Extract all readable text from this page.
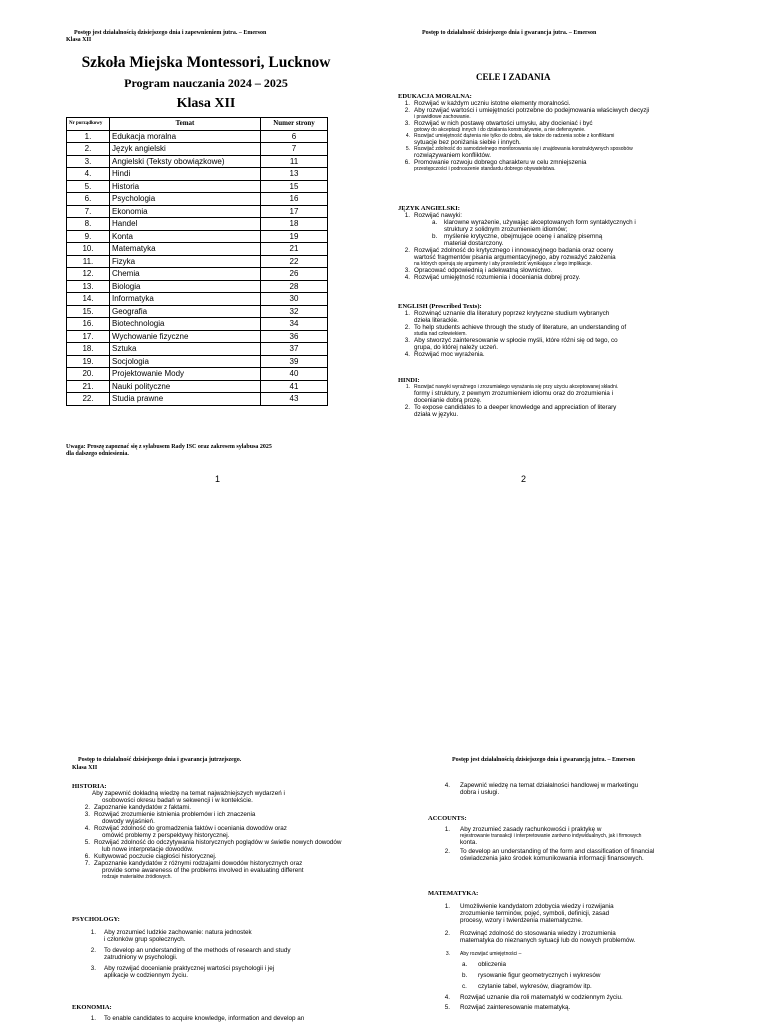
Postęp jest działalnością dzisiejszego dnia i zapewnieniem jutra. – Emerson
Klasa XII
Szkoła Miejska Montessori, Lucknow
Program nauczania 2024 – 2025
Klasa XII
Nr porządkowy	Temat	Numer strony
1.	Edukacja moralna	6
2.	Język angielski	7
3.	Angielski (Teksty obowiązkowe)	11
4.	Hindi	13
5.	Historia	15
6.	Psychologia	16
7.	Ekonomia	17
8.	Handel	18
9.	Konta	19
10.	Matematyka	21
11.	Fizyka	22
12.	Chemia	26
13.	Biologia	28
14.	Informatyka	30
15.	Geografia	32
16.	Biotechnologia	34
17.	Wychowanie fizyczne	36
18.	Sztuka	37
19.	Socjologia	39
20.	Projektowanie Mody	40
21.	Nauki polityczne	41
22.	Studia prawne	43
Uwaga: Proszę zapoznać się z sylabusem Rady ISC oraz zakresem sylabusa 2025
dla dalszego odniesienia.
1
Postęp to działalność dzisiejszego dnia i gwarancja jutra. – Emerson
CELE I ZADANIA
EDUKACJA MORALNA:
1. Rozwijać w każdym uczniu istotne elementy moralności.
2. Aby rozwijać wartości i umiejętności potrzebne do podejmowania właściwych decyzji
i prawidłowe zachowanie.
3. Rozwijać w nich postawę otwartości umysłu, aby docieniać i być
gotowy do akceptacji innych i do działania konstruktywnie, a nie defensywnie.
4. Rozwijać umiejętność dążenia nie tylko do dobra, ale także do radzenia sobie z konfliktami
sytuacje bez poniżania siebie i innych.
5. Rozwijać zdolność do samodzielnego monitorowania się i znajdowania konstruktywnych sposobów
rozwiązywaniem konfliktów.
6. Promowanie rozwoju dobrego charakteru w celu zmniejszenia
przestępczości i podnoszenie standardu dobrego obywatelstwa.
JĘZYK ANGIELSKI:
1. Rozwijać nawyki:
a. klarowne wyrażenie, używając akceptowanych form syntaktycznych i
struktury z solidnym zrozumieniem idiomów;
b. myślenie krytyczne, obejmujące ocenę i analizę pisemną
materiał dostarczony.
2. Rozwijać zdolność do krytycznego i innowacyjnego badania oraz oceny
wartość fragmentów pisania argumentacyjnego, aby rozważyć założenia
na których operują się argumenty i aby przesledzić wynikające z tego implikacje.
3. Opracować odpowiednią i adekwatną słownictwo.
4. Rozwijać umiejętność rozumienia i doceniania dobrej prozy.
ENGLISH (Prescribed Texts):
1. Rozwinąć uznanie dla literatury poprzez krytyczne studium wybranych
dzieła literackie.
2. To help students achieve through the study of literature, an understanding of
studia nad człowiekiem.
3. Aby stworzyć zainteresowanie w spłocie myśli, które różni się od tego, co
grupa, do której należy uczeń.
4. Rozwijać moc wyrażenia.
HINDI:
1. Rozwijać nawyki wyraźnego i zrozumiałego wyrażania się przy użyciu akceptowanej składni.
formy i struktury, z pewnym zrozumieniem idiomu oraz do zrozumienia i
docenianie dobrą prozę.
2. To expose candidates to a deeper knowledge and appreciation of literary
działa w języku.
2
Postęp to działalność dzisiejszego dnia i gwarancja jutrzejszego.
Klasa XII
HISTORIA:
Aby zapewnić dokładną wiedzę na temat najważniejszych wydarzeń i
osobowości okresu badań w sekwencji i w kontekście.
2. Zapoznanie kandydatów z faktami.
3. Rozwijać zrozumienie istnienia problemów i ich znaczenia
dowody wyjaśnień.
4. Rozwijać zdolność do gromadzenia faktów i oceniania dowodów oraz
omówić problemy z perspektywy historycznej.
5. Rozwijać zdolność do odczytywania historycznych poglądów w świetle nowych dowodów
lub nowe interpretacje dowodów.
6. Kultywować poczucie ciągłości historycznej.
7. Zapoznanie kandydatów z różnymi rodzajami dowodów historycznych oraz
provide some awareness of the problems involved in evaluating different
rodzaje materiałów źródłowych.
PSYCHOLOGY:
1. Aby zrozumieć ludzkie zachowanie: natura jednostek
i członków grup społecznych.
2. To develop an understanding of the methods of research and study
zatrudniony w psychologii.
3. Aby rozwijać docenianie praktycznej wartości psychologii i jej
aplikacje w codziennym życiu.
EKONOMIA:
1. To enable candidates to acquire knowledge, information and develop an
Postęp jest działalnością dzisiejszego dnia i gwarancją jutra. – Emerson
4. Zapewnić wiedzę na temat działalności handlowej w marketingu
dobra i usługi.
ACCOUNTS:
1. Aby zrozumieć zasady rachunkowości i praktykę w
rejestrowanie transakcji i interpretowanie zarówno indywidualnych, jak i firmowych
konta.
2. To develop an understanding of the form and classification of financial
oświadczenia jako środek komunikowania informacji finansowych.
MATEMATYKA:
1. Umożliwienie kandydatom zdobycia wiedzy i rozwijania
zrozumienie terminów, pojęć, symboli, definicji, zasad
procesy, wzory i twierdzenia matematyczne.
2. Rozwinąć zdolność do stosowania wiedzy i zrozumienia
matematyka do nieznanych sytuacji lub do nowych problemów.
3. Aby rozwijać umiejętności –
a. obliczenia
b. rysowanie figur geometrycznych i wykresów
c. czytanie tabel, wykresów, diagramów itp.
4. Rozwijać uznanie dla roli matematyki w codziennym życiu.
5. Rozwijać zainteresowanie matematyką.
